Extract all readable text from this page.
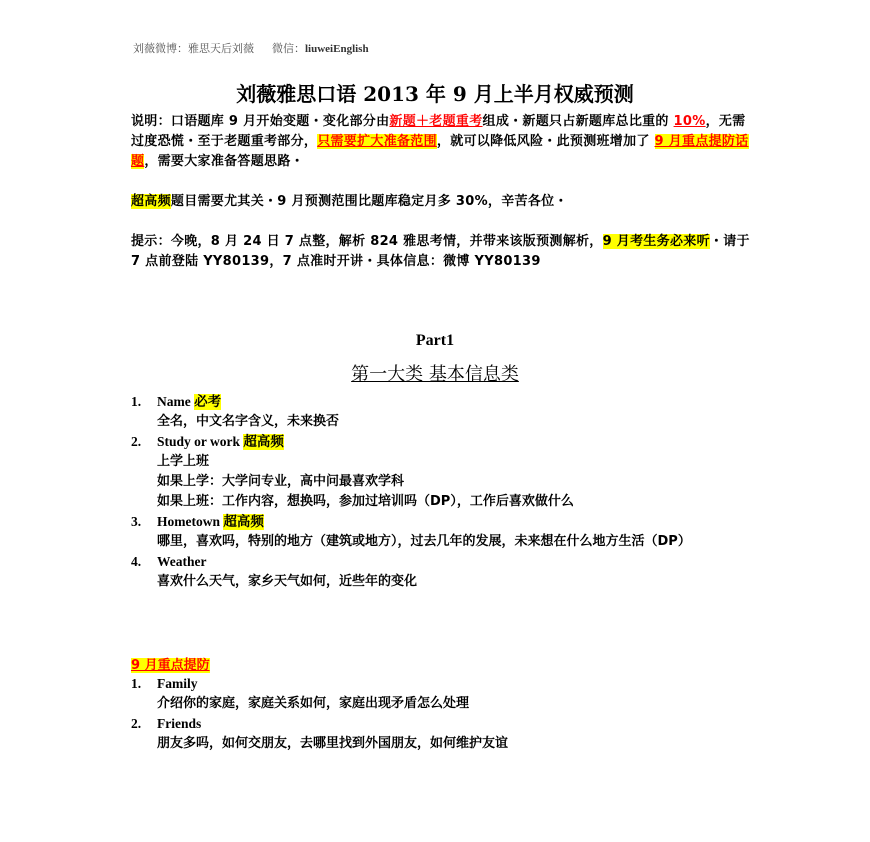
刘薇微博：雅思天后刘薇 微信：liuweiEnglish
刘薇雅思口语 2013 年 9 月上半月权威预测
说明：口语题库 9 月开始变题・变化部分由新题＋老题重考组成・新题只占新题库总比重的 10%，无需过度恐慌・至于老题重考部分，只需要扩大准备范围，就可以降低风险・此预测班增加了 9 月重点提防话题，需要大家准备答题思路・
超高频题目需要尤其关・9 月预测范围比题库稳定月多 30%，辛苦各位・
提示：今晚，8 月 24 日 7 点整，解析 824 雅思考情，并带来该版预测解析，9 月考生务必来听・请于 7 点前登陆 YY80139，7 点准时开讲・具体信息：微博 YY80139
Part1
第一大类 基本信息类
1. Name 必考
全名，中文名字含义，未来换否
2. Study or work 超高频
上学上班
如果上学：大学问专业，高中问最喜欢学科
如果上班：工作内容，想换吗，参加过培训吗（DP），工作后喜欢做什么
3. Hometown 超高频
哪里，喜欢吗，特别的地方（建筑或地方），过去几年的发展，未来想在什么地方生活（DP）
4. Weather
喜欢什么天气，家乡天气如何，近些年的变化
9 月重点提防
1. Family
介绍你的家庭，家庭关系如何，家庭出现矛盾怎么处理
2. Friends
朋友多吗，如何交朋友，去哪里找到外国朋友，如何维护友谊
